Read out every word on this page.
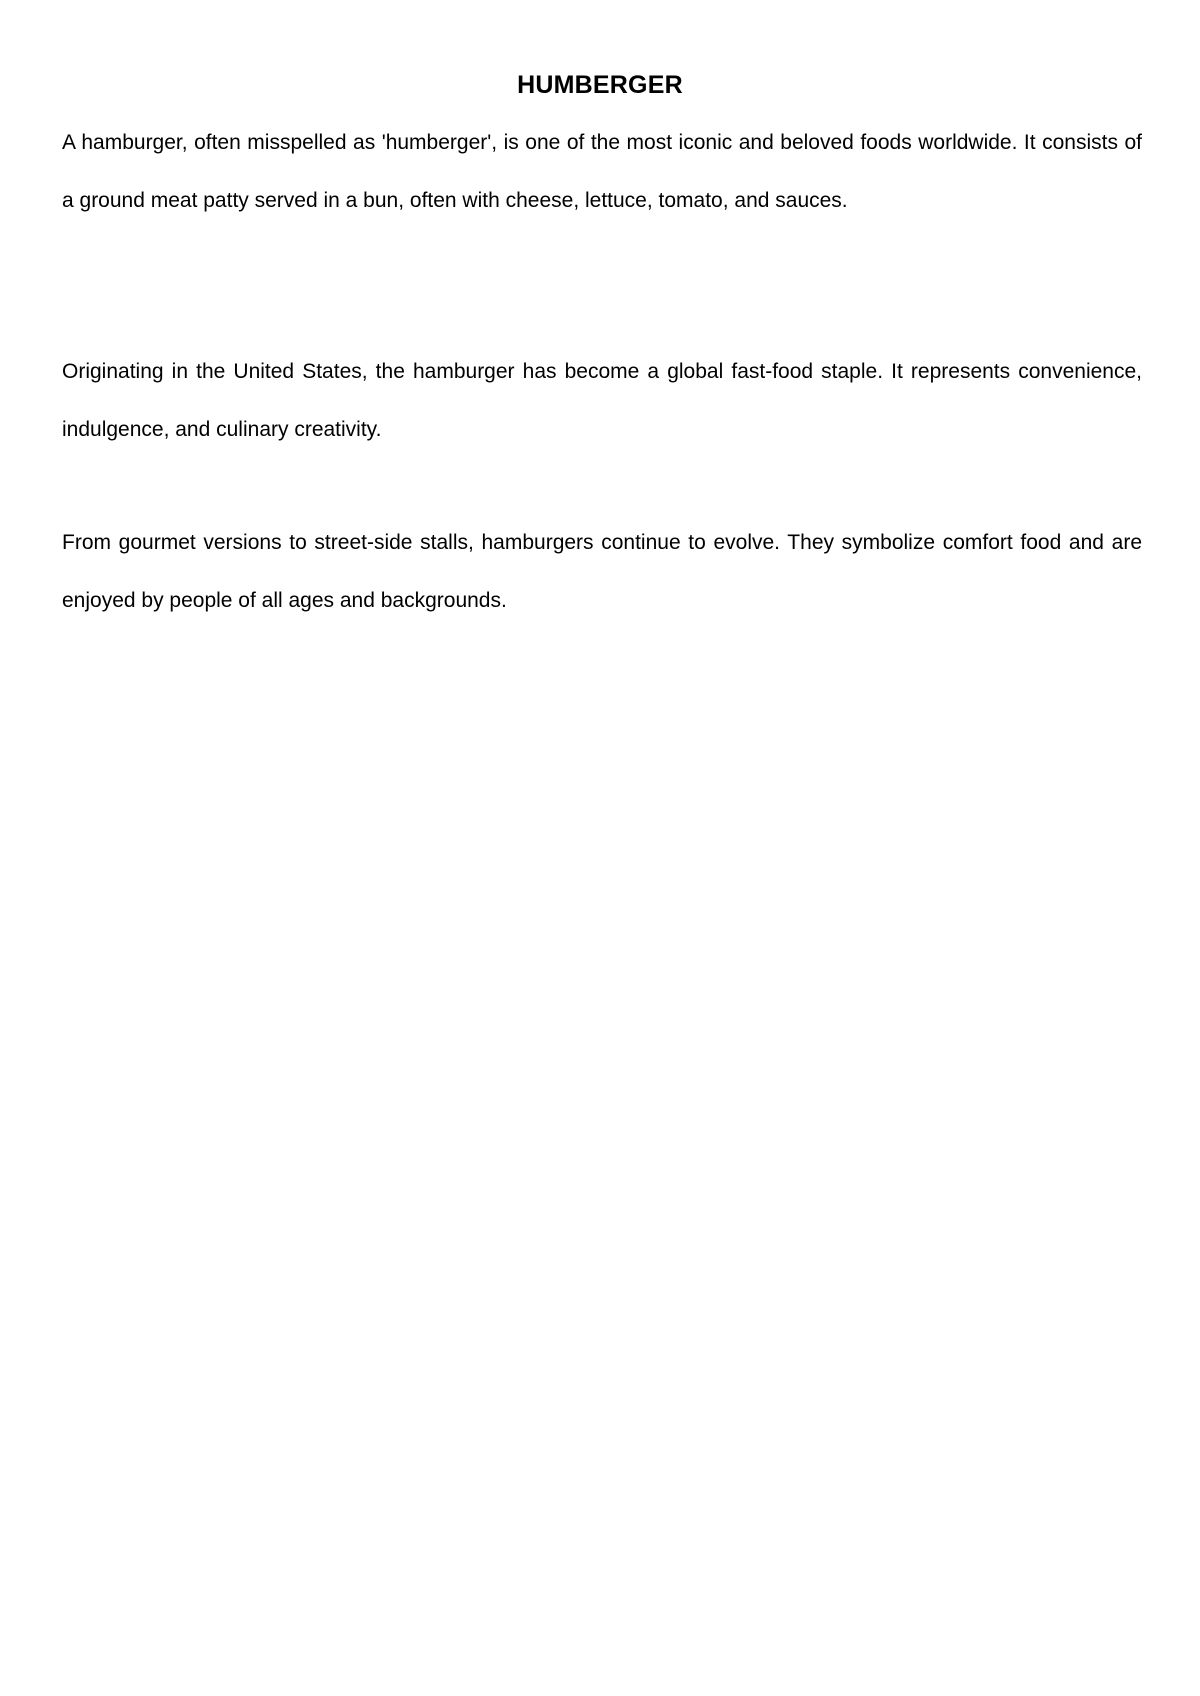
HUMBERGER

A hamburger, often misspelled as 'humberger', is one of the most iconic and beloved foods worldwide. It consists of a ground meat patty served in a bun, often with cheese, lettuce, tomato, and sauces.

Originating in the United States, the hamburger has become a global fast-food staple. It represents convenience, indulgence, and culinary creativity.

From gourmet versions to street-side stalls, hamburgers continue to evolve. They symbolize comfort food and are enjoyed by people of all ages and backgrounds.
